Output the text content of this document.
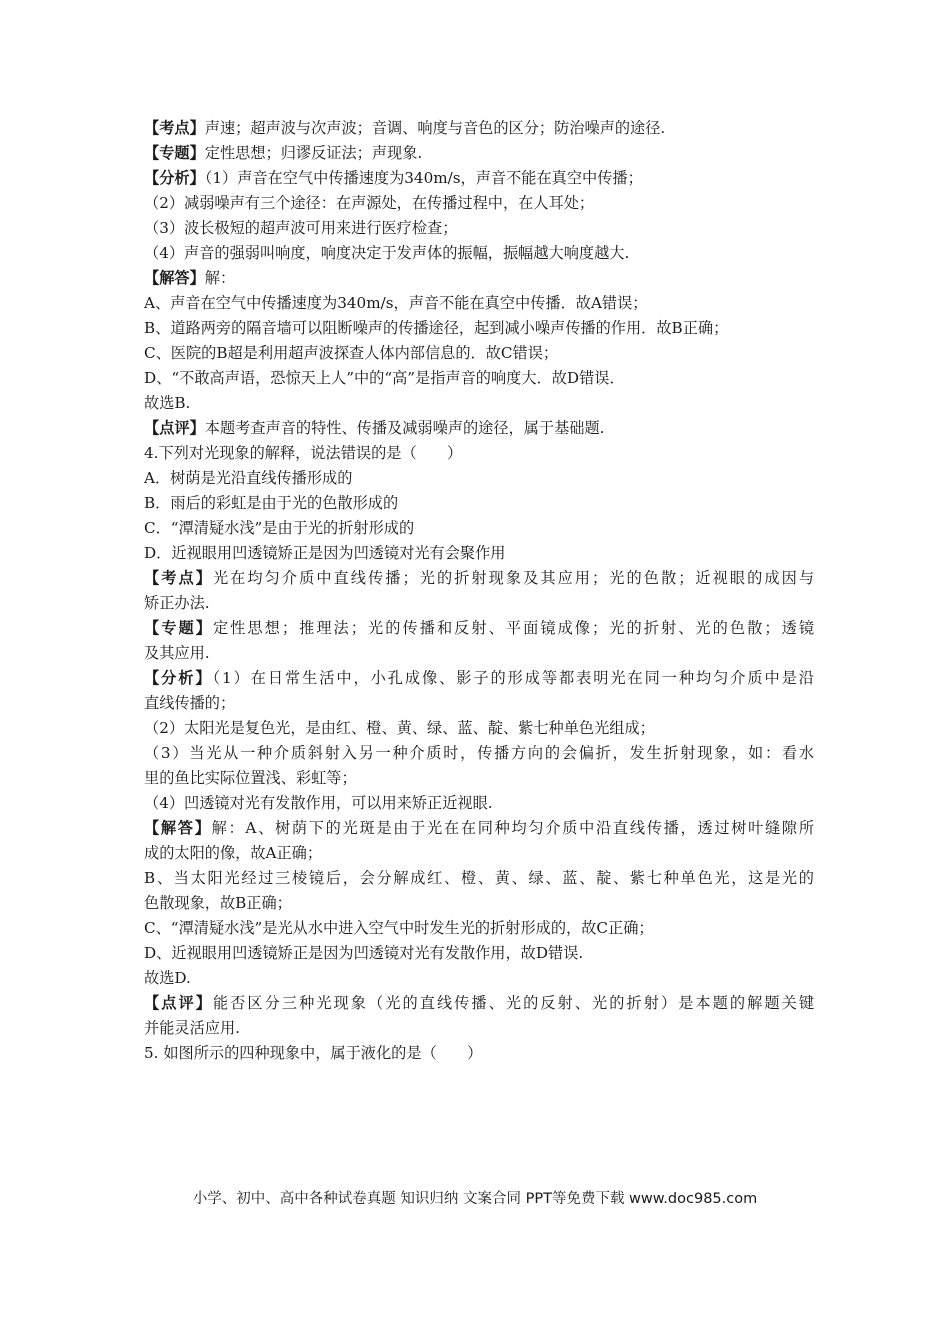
【考点】声速；超声波与次声波；音调、响度与音色的区分；防治噪声的途径.
【专题】定性思想；归谬反证法；声现象.
【分析】（1）声音在空气中传播速度为340m/s，声音不能在真空中传播；
（2）减弱噪声有三个途径：在声源处，在传播过程中，在人耳处；
（3）波长极短的超声波可用来进行医疗检查；
（4）声音的强弱叫响度，响度决定于发声体的振幅，振幅越大响度越大.
【解答】解：
A、声音在空气中传播速度为340m/s，声音不能在真空中传播．故A错误；
B、道路两旁的隔音墙可以阻断噪声的传播途径，起到减小噪声传播的作用．故B正确；
C、医院的B超是利用超声波探查人体内部信息的．故C错误；
D、“不敢高声语，恐惊天上人”中的“高”是指声音的响度大．故D错误．
故选B.
【点评】本题考查声音的特性、传播及减弱噪声的途径，属于基础题.
4.下列对光现象的解释，说法错误的是（　　）
A．树荫是光沿直线传播形成的
B．雨后的彩虹是由于光的色散形成的
C．“潭清疑水浅”是由于光的折射形成的
D．近视眼用凹透镜矫正是因为凹透镜对光有会聚作用
【考点】光在均匀介质中直线传播；光的折射现象及其应用；光的色散；近视眼的成因与
矫正办法.
【专题】定性思想；推理法；光的传播和反射、平面镜成像；光的折射、光的色散；透镜
及其应用.
【分析】（1）在日常生活中，小孔成像、影子的形成等都表明光在同一种均匀介质中是沿
直线传播的；
（2）太阳光是复色光，是由红、橙、黄、绿、蓝、靛、紫七种单色光组成；
（3）当光从一种介质斜射入另一种介质时，传播方向的会偏折，发生折射现象，如：看水
里的鱼比实际位置浅、彩虹等；
（4）凹透镜对光有发散作用，可以用来矫正近视眼.
【解答】解：A、树荫下的光斑是由于光在在同种均匀介质中沿直线传播，透过树叶缝隙所
成的太阳的像，故A正确；
B、当太阳光经过三棱镜后，会分解成红、橙、黄、绿、蓝、靛、紫七种单色光，这是光的
色散现象，故B正确；
C、“潭清疑水浅”是光从水中进入空气中时发生光的折射形成的，故C正确；
D、近视眼用凹透镜矫正是因为凹透镜对光有发散作用，故D错误.
故选D.
【点评】能否区分三种光现象（光的直线传播、光的反射、光的折射）是本题的解题关键
并能灵活应用.
5. 如图所示的四种现象中，属于液化的是（　　）
小学、初中、高中各种试卷真题 知识归纳 文案合同 PPT等免费下载 www.doc985.com
